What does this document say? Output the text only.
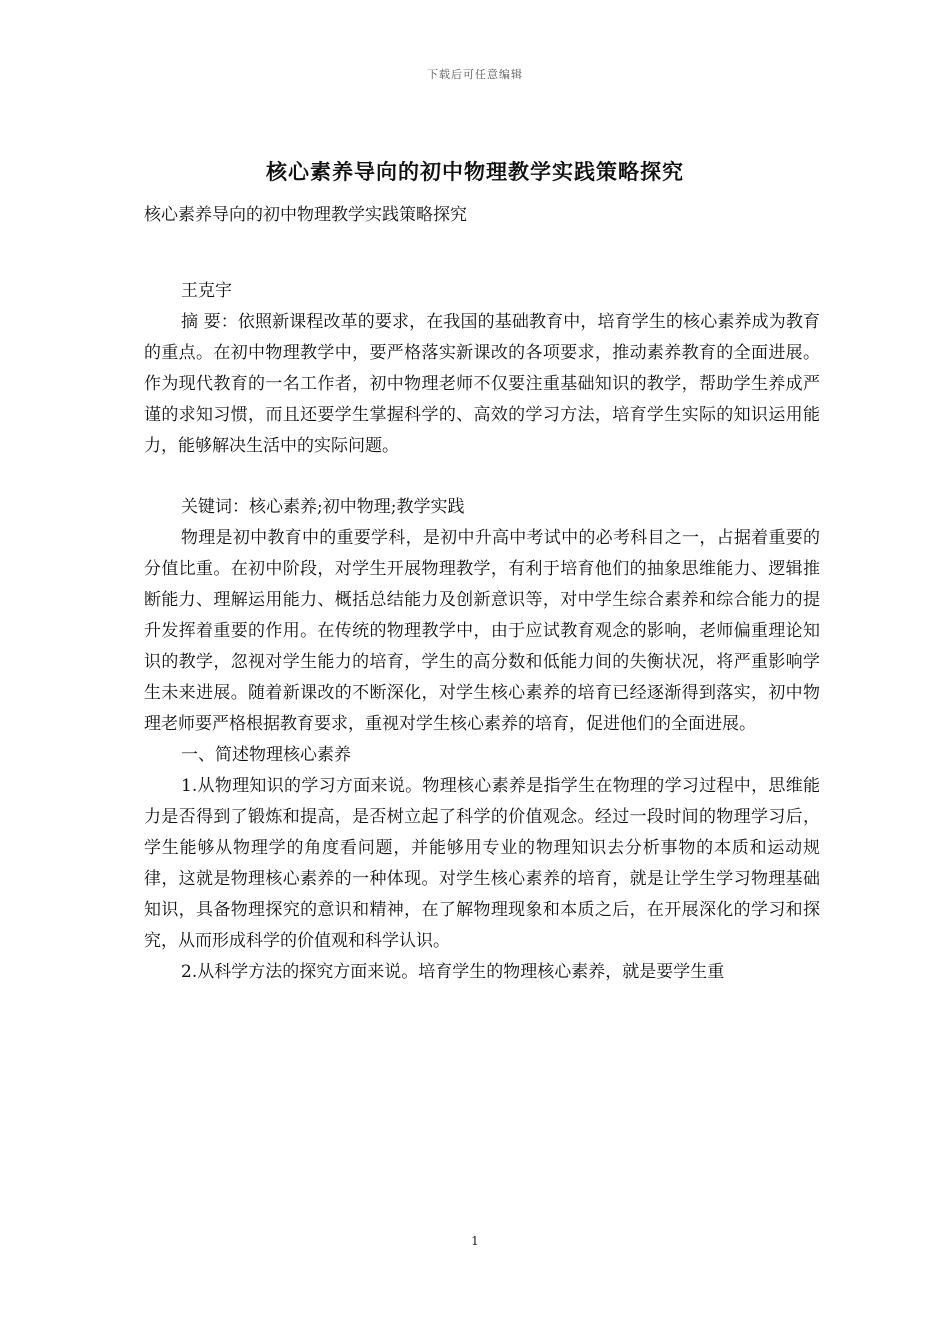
下载后可任意编辑
核心素养导向的初中物理教学实践策略探究

核心素养导向的初中物理教学实践策略探究

王克宇

摘 要：依照新课程改革的要求，在我国的基础教育中，培育学生的核心素养成为教育的重点。在初中物理教学中，要严格落实新课改的各项要求，推动素养教育的全面进展。作为现代教育的一名工作者，初中物理老师不仅要注重基础知识的教学，帮助学生养成严谨的求知习惯，而且还要学生掌握科学的、高效的学习方法，培育学生实际的知识运用能力，能够解决生活中的实际问题。

关键词：核心素养;初中物理;教学实践

物理是初中教育中的重要学科，是初中升高中考试中的必考科目之一，占据着重要的分值比重。在初中阶段，对学生开展物理教学，有利于培育他们的抽象思维能力、逻辑推断能力、理解运用能力、概括总结能力及创新意识等，对中学生综合素养和综合能力的提升发挥着重要的作用。在传统的物理教学中，由于应试教育观念的影响，老师偏重理论知识的教学，忽视对学生能力的培育，学生的高分数和低能力间的失衡状况，将严重影响学生未来进展。随着新课改的不断深化，对学生核心素养的培育已经逐渐得到落实，初中物理老师要严格根据教育要求，重视对学生核心素养的培育，促进他们的全面进展。

一、简述物理核心素养

1.从物理知识的学习方面来说。物理核心素养是指学生在物理的学习过程中，思维能力是否得到了锻炼和提高，是否树立起了科学的价值观念。经过一段时间的物理学习后，学生能够从物理学的角度看问题，并能够用专业的物理知识去分析事物的本质和运动规律，这就是物理核心素养的一种体现。对学生核心素养的培育，就是让学生学习物理基础知识，具备物理探究的意识和精神，在了解物理现象和本质之后，在开展深化的学习和探究，从而形成科学的价值观和科学认识。

2.从科学方法的探究方面来说。培育学生的物理核心素养，就是要学生重

1
